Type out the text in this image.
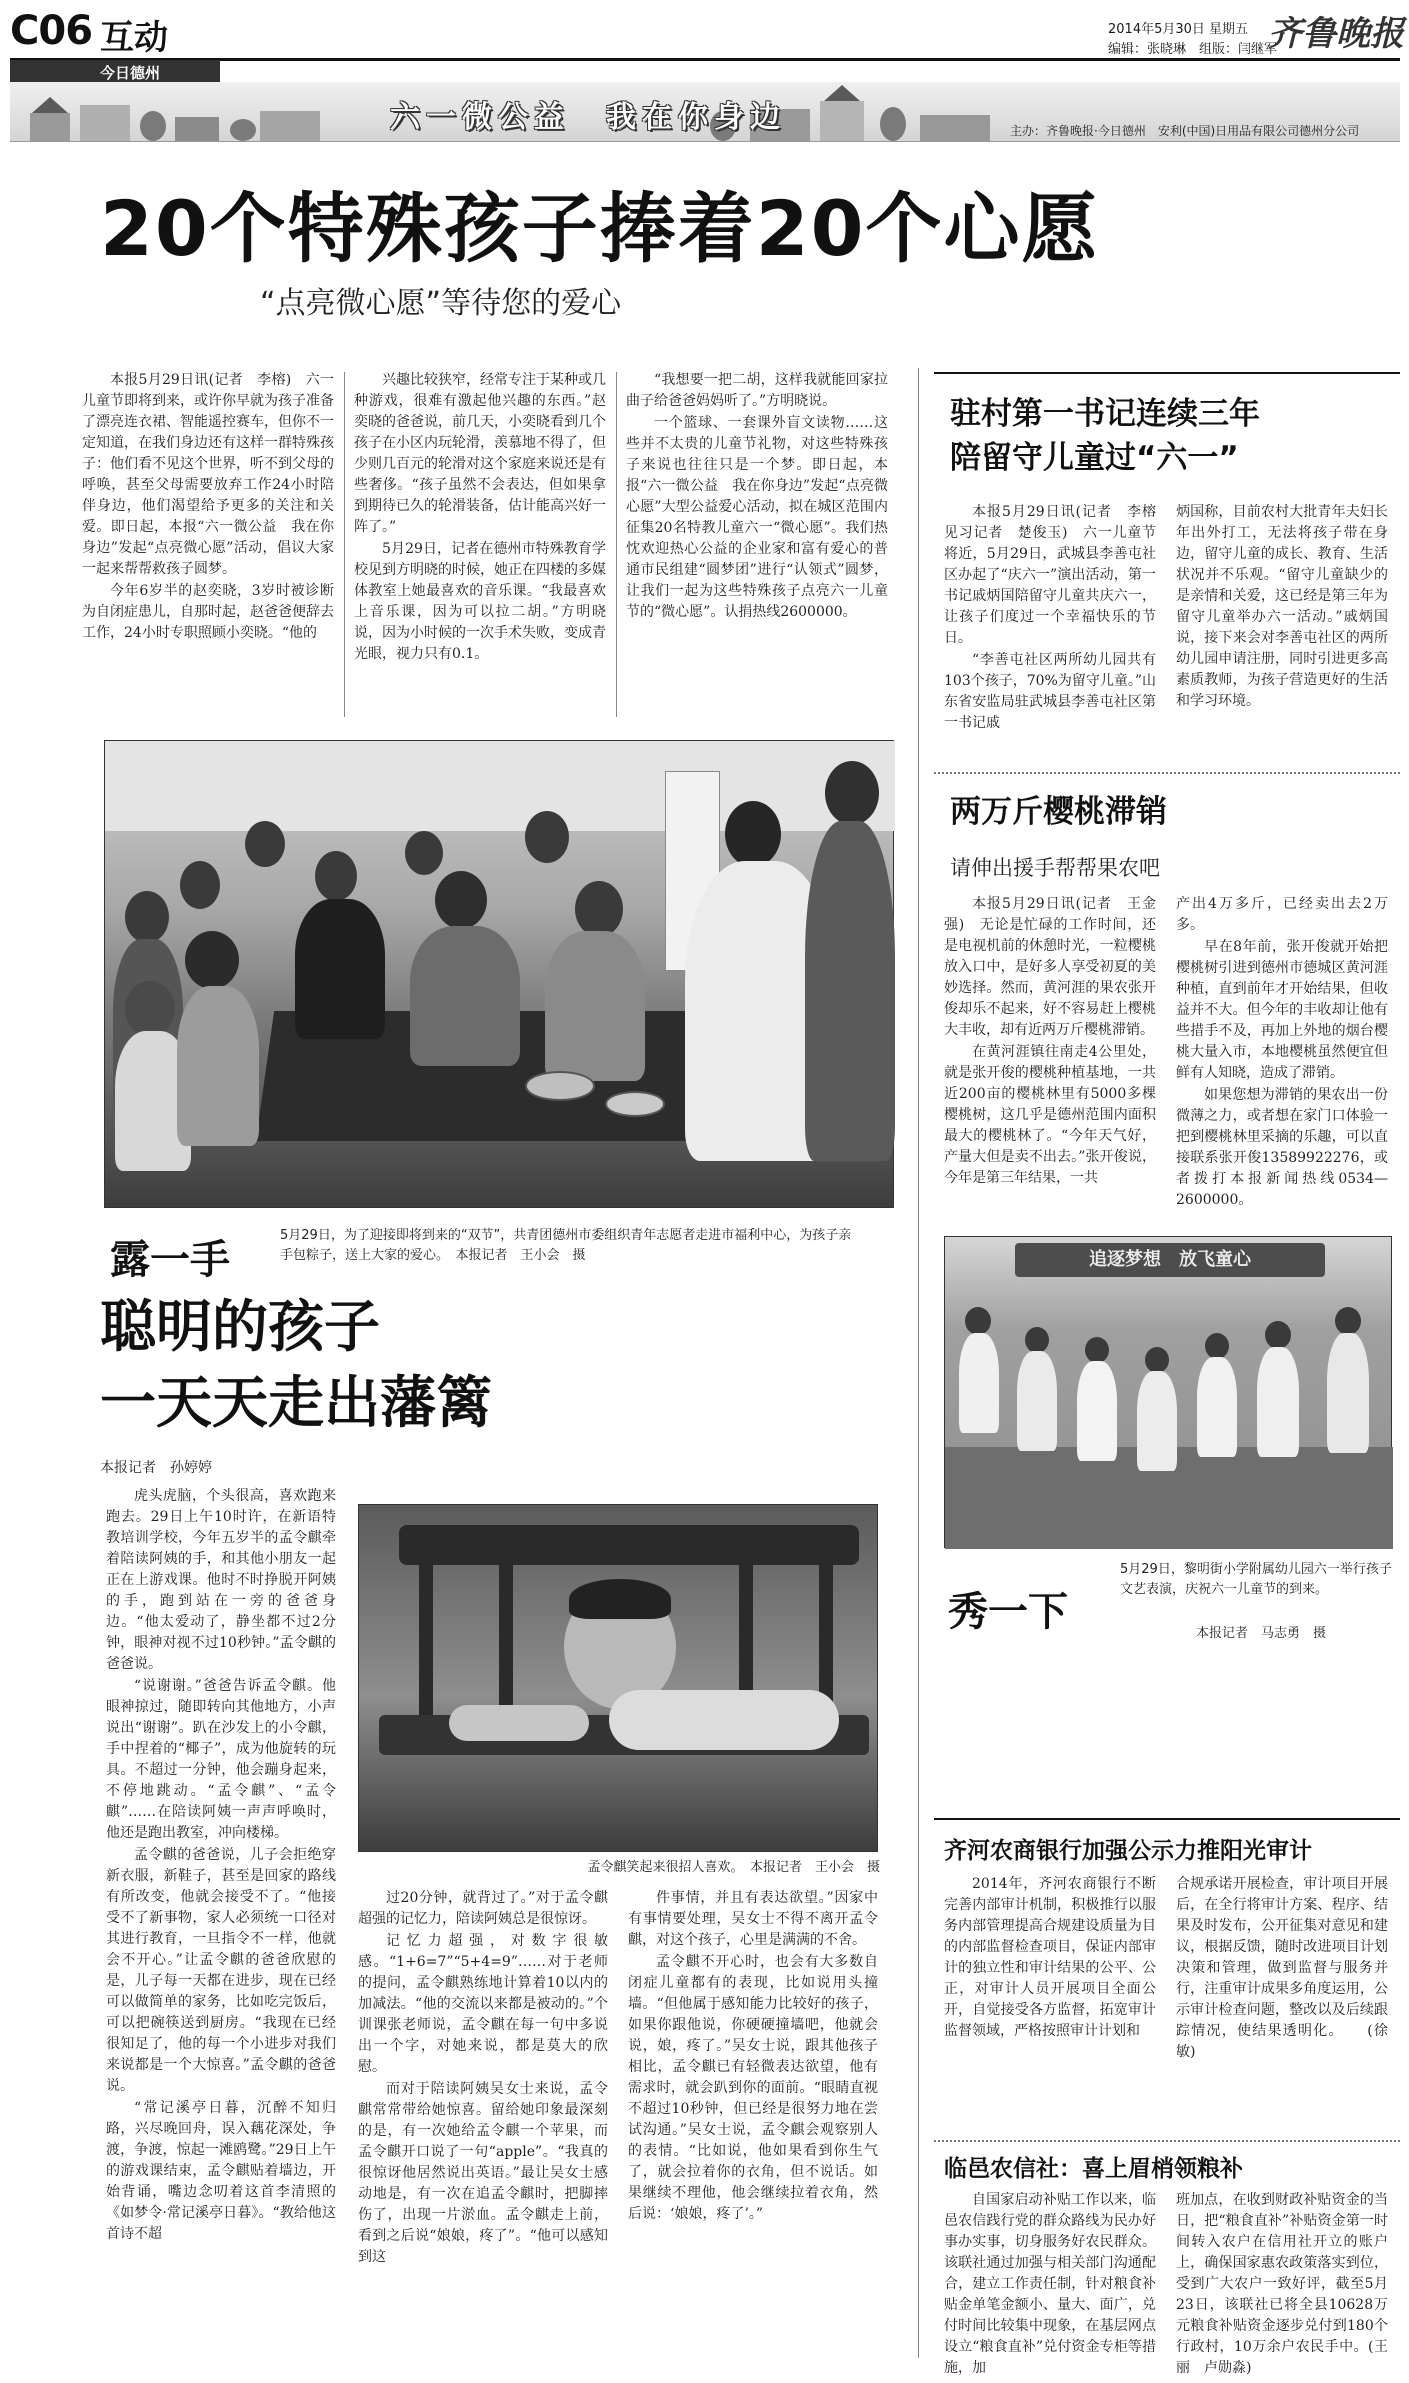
C06 互动	2014年5月30日 星期五
编辑：张晓琳　组版：闫继军
齐鲁晚报
今日德州
六一微公益　我在你身边	主办：齐鲁晚报·今日德州　安利(中国)日用品有限公司德州分公司
20个特殊孩子捧着20个心愿
“点亮微心愿”等待您的爱心

本报5月29日讯(记者　李榕)　六一儿童节即将到来，或许你早就为孩子准备了漂亮连衣裙、智能遥控赛车，但你不一定知道，在我们身边还有这样一群特殊孩子：他们看不见这个世界，听不到父母的呼唤，甚至父母需要放弃工作24小时陪伴身边，他们渴望给予更多的关注和关爱。即日起，本报“六一微公益　我在你身边”发起“点亮微心愿”活动，倡议大家一起来帮帮救孩子圆梦。

今年6岁半的赵奕晓，3岁时被诊断为自闭症患儿，自那时起，赵爸爸便辞去工作，24小时专职照顾小奕晓。“他的

兴趣比较狭窄，经常专注于某种或几种游戏，很难有激起他兴趣的东西。”赵奕晓的爸爸说，前几天，小奕晓看到几个孩子在小区内玩轮滑，羡慕地不得了，但少则几百元的轮滑对这个家庭来说还是有些奢侈。“孩子虽然不会表达，但如果拿到期待已久的轮滑装备，估计能高兴好一阵了。”

5月29日，记者在德州市特殊教育学校见到方明晓的时候，她正在四楼的多媒体教室上她最喜欢的音乐课。“我最喜欢上音乐课，因为可以拉二胡。”方明晓说，因为小时候的一次手术失败，变成青光眼，视力只有0.1。

“我想要一把二胡，这样我就能回家拉曲子给爸爸妈妈听了。”方明晓说。

一个篮球、一套课外盲文读物……这些并不太贵的儿童节礼物，对这些特殊孩子来说也往往只是一个梦。即日起，本报“六一微公益　我在你身边”发起“点亮微心愿”大型公益爱心活动，拟在城区范围内征集20名特教儿童六一“微心愿”。我们热忱欢迎热心公益的企业家和富有爱心的普通市民组建“圆梦团”进行“认领式”圆梦，让我们一起为这些特殊孩子点亮六一儿童节的“微心愿”。认捐热线2600000。

露一手
5月29日，为了迎接即将到来的“双节”，共青团德州市委组织青年志愿者走进市福利中心，为孩子亲手包粽子，送上大家的爱心。　本报记者　王小会　摄
聪明的孩子
一天天走出藩篱
本报记者　孙婷婷

虎头虎脑，个头很高，喜欢跑来跑去。29日上午10时许，在新语特教培训学校，今年五岁半的孟令麒牵着陪读阿姨的手，和其他小朋友一起正在上游戏课。他时不时挣脱开阿姨的手，跑到站在一旁的爸爸身边。“他太爱动了，静坐都不过2分钟，眼神对视不过10秒钟。”孟令麒的爸爸说。

“说谢谢。”爸爸告诉孟令麒。他眼神掠过，随即转向其他地方，小声说出“谢谢”。趴在沙发上的小令麒，手中捏着的“椰子”，成为他旋转的玩具。不超过一分钟，他会蹦身起来，不停地跳动。“孟令麒”、“孟令麒”……在陪读阿姨一声声呼唤时，他还是跑出教室，冲向楼梯。

孟令麒的爸爸说，儿子会拒绝穿新衣服，新鞋子，甚至是回家的路线有所改变，他就会接受不了。“他接受不了新事物，家人必须统一口径对其进行教育，一旦指令不一样，他就会不开心。”让孟令麒的爸爸欣慰的是，儿子每一天都在进步，现在已经可以做简单的家务，比如吃完饭后，可以把碗筷送到厨房。“我现在已经很知足了，他的每一个小进步对我们来说都是一个大惊喜。”孟令麒的爸爸说。

“常记溪亭日暮，沉醉不知归路，兴尽晚回舟，误入藕花深处，争渡，争渡，惊起一滩鸥鹭。”29日上午的游戏课结束，孟令麒贴着墙边，开始背诵，嘴边念叨着这首李清照的《如梦令·常记溪亭日暮》。“教给他这首诗不超

孟令麒笑起来很招人喜欢。　本报记者　王小会　摄

过20分钟，就背过了。”对于孟令麒超强的记忆力，陪读阿姨总是很惊讶。

记忆力超强，对数字很敏感。“1+6=7”“5+4=9”……对于老师的提问，孟令麒熟练地计算着10以内的加减法。“他的交流以来都是被动的。”个训课张老师说，孟令麒在每一句中多说出一个字，对她来说，都是莫大的欣慰。

而对于陪读阿姨吴女士来说，孟令麒常常带给她惊喜。留给她印象最深刻的是，有一次她给孟令麒一个苹果，而孟令麒开口说了一句“apple”。“我真的很惊讶他居然说出英语。”最让吴女士感动地是，有一次在追孟令麒时，把脚摔伤了，出现一片淤血。孟令麒走上前，看到之后说“娘娘，疼了”。“他可以感知到这

件事情，并且有表达欲望。”因家中有事情要处理，吴女士不得不离开孟令麒，对这个孩子，心里是满满的不舍。

孟令麒不开心时，也会有大多数自闭症儿童都有的表现，比如说用头撞墙。“但他属于感知能力比较好的孩子，如果你跟他说，你硬硬撞墙吧，他就会说，娘，疼了。”吴女士说，跟其他孩子相比，孟令麒已有轻微表达欲望，他有需求时，就会趴到你的面前。“眼睛直视不超过10秒钟，但已经是很努力地在尝试沟通。”吴女士说，孟令麒会观察别人的表情。“比如说，他如果看到你生气了，就会拉着你的衣角，但不说话。如果继续不理他，他会继续拉着衣角，然后说：‘娘娘，疼了’。”

驻村第一书记连续三年
陪留守儿童过“六一”

本报5月29日讯(记者　李榕　见习记者　楚俊玉)　六一儿童节将近，5月29日，武城县李善屯社区办起了“庆六一”演出活动，第一书记戚炳国陪留守儿童共庆六一，让孩子们度过一个幸福快乐的节日。

“李善屯社区两所幼儿园共有103个孩子，70%为留守儿童。”山东省安监局驻武城县李善屯社区第一书记戚

炳国称，目前农村大批青年夫妇长年出外打工，无法将孩子带在身边，留守儿童的成长、教育、生活状况并不乐观。“留守儿童缺少的是亲情和关爱，这已经是第三年为留守儿童举办六一活动。”戚炳国说，接下来会对李善屯社区的两所幼儿园申请注册，同时引进更多高素质教师，为孩子营造更好的生活和学习环境。

两万斤樱桃滞销
请伸出援手帮帮果农吧

本报5月29日讯(记者　王金强)　无论是忙碌的工作时间，还是电视机前的休憩时光，一粒樱桃放入口中，是好多人享受初夏的美妙选择。然而，黄河涯的果农张开俊却乐不起来，好不容易赶上樱桃大丰收，却有近两万斤樱桃滞销。

在黄河涯镇往南走4公里处，就是张开俊的樱桃种植基地，一共近200亩的樱桃林里有5000多棵樱桃树，这几乎是德州范围内面积最大的樱桃林了。“今年天气好，产量大但是卖不出去。”张开俊说，今年是第三年结果，一共

产出4万多斤，已经卖出去2万多。

早在8年前，张开俊就开始把樱桃树引进到德州市德城区黄河涯种植，直到前年才开始结果，但收益并不大。但今年的丰收却让他有些措手不及，再加上外地的烟台樱桃大量入市，本地樱桃虽然便宜但鲜有人知晓，造成了滞销。

如果您想为滞销的果农出一份微薄之力，或者想在家门口体验一把到樱桃林里采摘的乐趣，可以直接联系张开俊13589922276，或者拨打本报新闻热线0534—2600000。

追逐梦想　放飞童心
秀一下
5月29日，黎明街小学附属幼儿园六一举行孩子文艺表演，庆祝六一儿童节的到来。
本报记者　马志勇　摄
齐河农商银行加强公示力推阳光审计

2014年，齐河农商银行不断完善内部审计机制，积极推行以服务内部管理提高合规建设质量为目的内部监督检查项目，保证内部审计的独立性和审计结果的公平、公正，对审计人员开展项目全面公开，自觉接受各方监督，拓宽审计监督领域，严格按照审计计划和

合规承诺开展检查，审计项目开展后，在全行将审计方案、程序、结果及时发布，公开征集对意见和建议，根据反馈，随时改进项目计划决策和管理，做到监督与服务并行，注重审计成果多角度运用，公示审计检查问题，整改以及后续跟踪情况，使结果透明化。　　(徐敏)

临邑农信社：喜上眉梢领粮补

自国家启动补贴工作以来，临邑农信践行党的群众路线为民办好事办实事，切身服务好农民群众。该联社通过加强与相关部门沟通配合，建立工作责任制，针对粮食补贴金单笔金额小、量大、面广，兑付时间比较集中现象，在基层网点设立“粮食直补”兑付资金专柜等措施，加

班加点，在收到财政补贴资金的当日，把“粮食直补”补贴资金第一时间转入农户在信用社开立的账户上，确保国家惠农政策落实到位，受到广大农户一致好评，截至5月23日，该联社已将全县10628万元粮食补贴资金逐步兑付到180个行政村，10万余户农民手中。(王丽　卢勋淼)
